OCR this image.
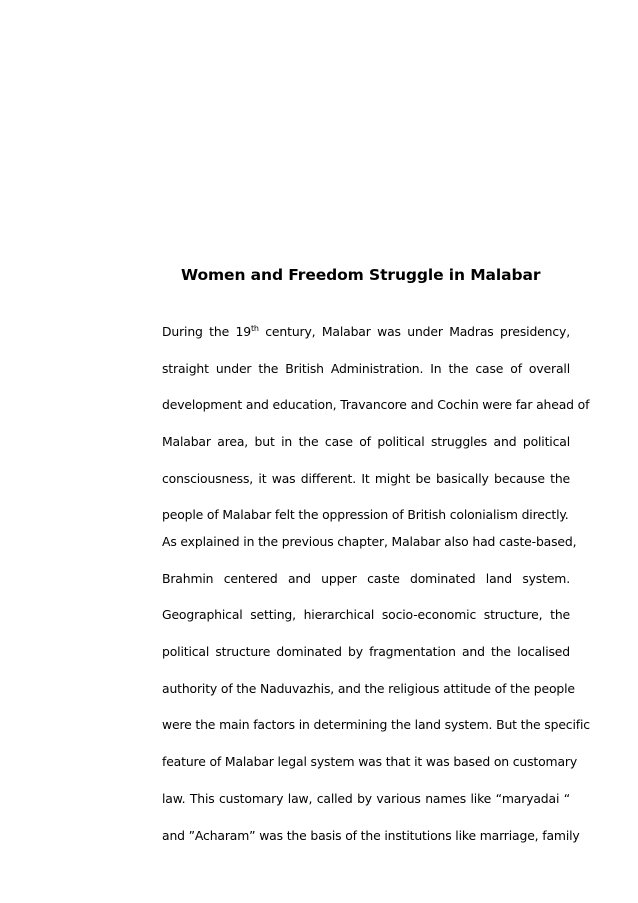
Women and Freedom Struggle in Malabar
During the 19th century, Malabar was under Madras presidency,
straight under the British Administration. In the case of overall
development and education, Travancore and Cochin were far ahead of
Malabar area, but in the case of political struggles and political
consciousness, it was different. It might be basically because the
people of Malabar felt the oppression of British colonialism directly.
As explained in the previous chapter, Malabar also had caste-based,
Brahmin centered and upper caste dominated land system.
Geographical setting, hierarchical socio-economic structure, the
political structure dominated by fragmentation and the localised
authority of the Naduvazhis, and the religious attitude of the people
were the main factors in determining the land system. But the specific
feature of Malabar legal system was that it was based on customary
law. This customary law, called by various names like “maryadai “
and ”Acharam” was the basis of the institutions like marriage, family
